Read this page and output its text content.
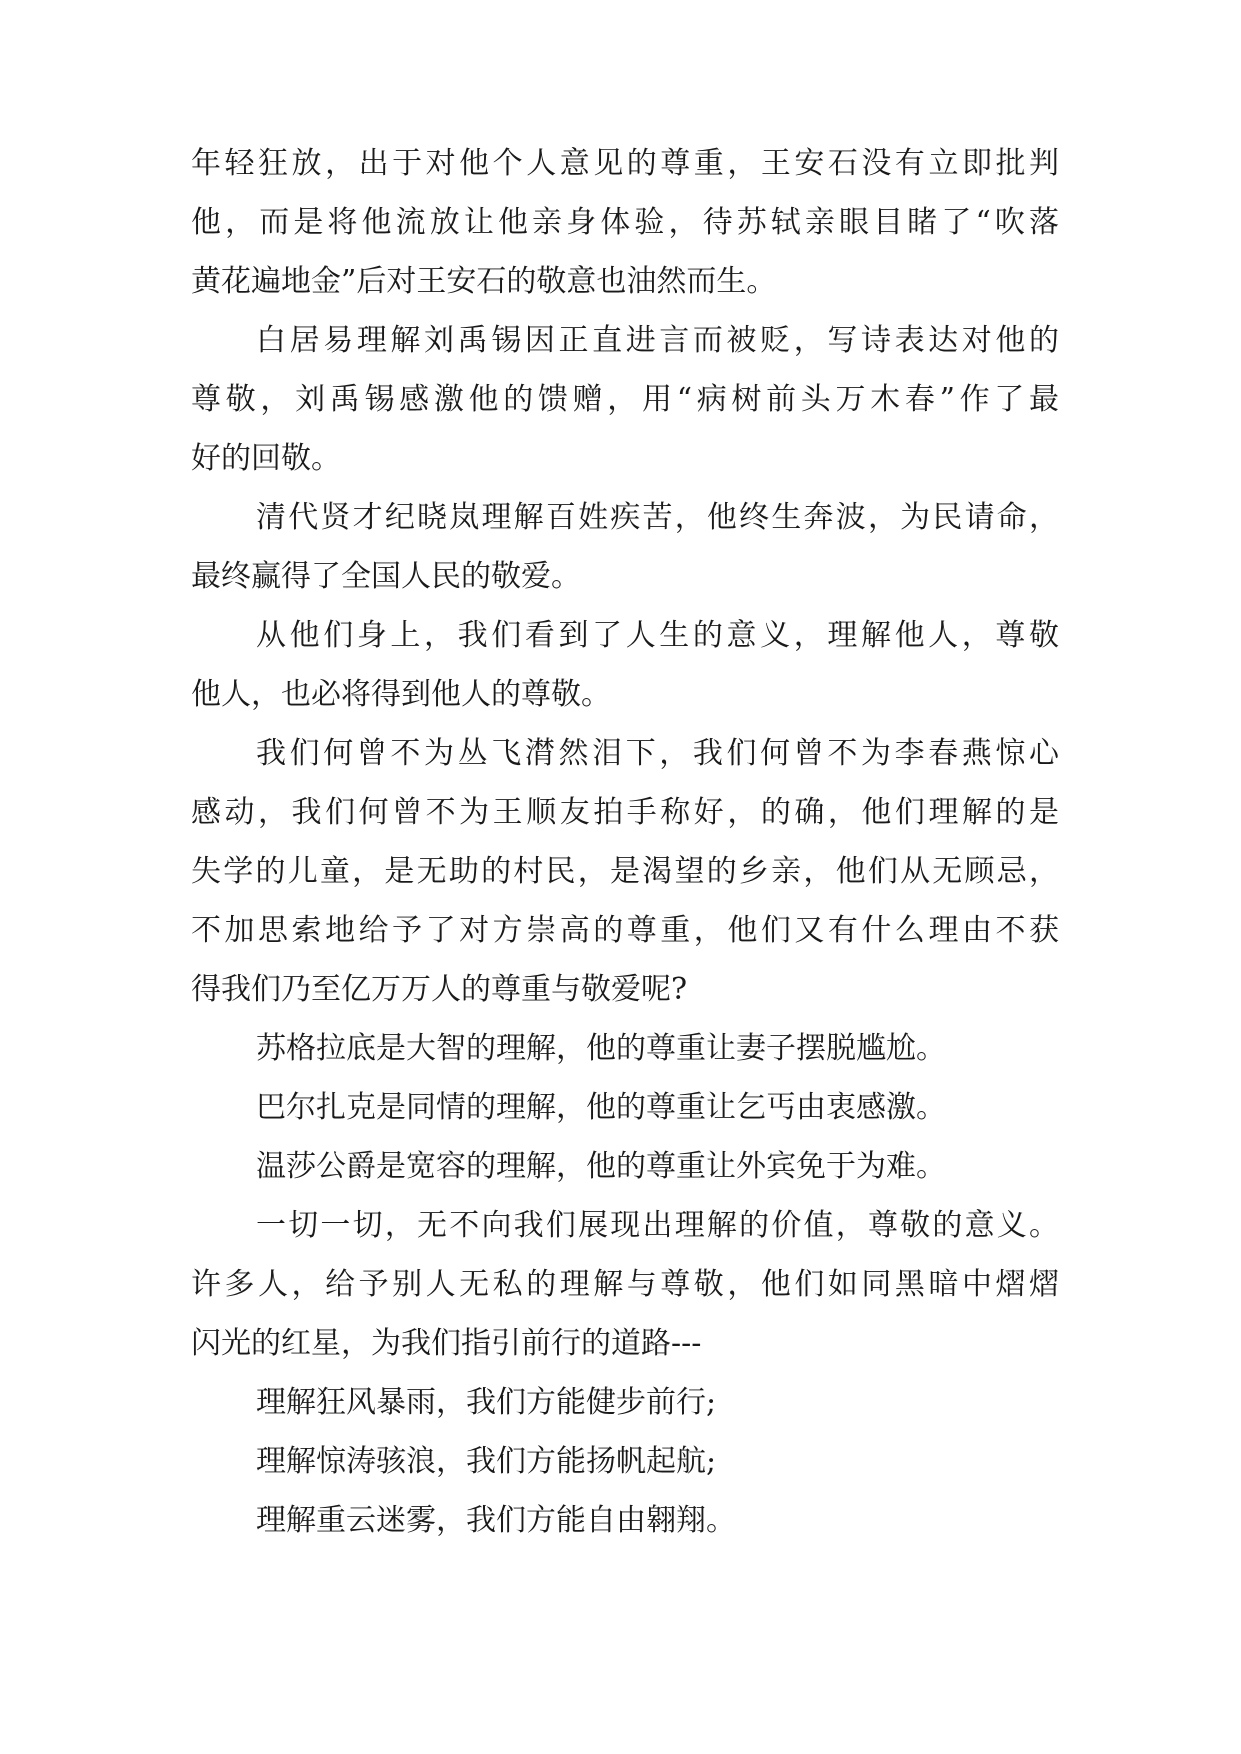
年轻狂放，出于对他个人意见的尊重，王安石没有立即批判

他，而是将他流放让他亲身体验，待苏轼亲眼目睹了“吹落

黄花遍地金”后对王安石的敬意也油然而生。

白居易理解刘禹锡因正直进言而被贬，写诗表达对他的

尊敬，刘禹锡感激他的馈赠，用“病树前头万木春”作了最

好的回敬。

清代贤才纪晓岚理解百姓疾苦，他终生奔波，为民请命，

最终赢得了全国人民的敬爱。

从他们身上，我们看到了人生的意义，理解他人，尊敬

他人，也必将得到他人的尊敬。

我们何曾不为丛飞潸然泪下，我们何曾不为李春燕惊心

感动，我们何曾不为王顺友拍手称好，的确，他们理解的是

失学的儿童，是无助的村民，是渴望的乡亲，他们从无顾忌，

不加思索地给予了对方崇高的尊重，他们又有什么理由不获

得我们乃至亿万万人的尊重与敬爱呢?

苏格拉底是大智的理解，他的尊重让妻子摆脱尴尬。

巴尔扎克是同情的理解，他的尊重让乞丐由衷感激。

温莎公爵是宽容的理解，他的尊重让外宾免于为难。

一切一切，无不向我们展现出理解的价值，尊敬的意义。

许多人，给予别人无私的理解与尊敬，他们如同黑暗中熠熠

闪光的红星，为我们指引前行的道路---

理解狂风暴雨，我们方能健步前行;

理解惊涛骇浪，我们方能扬帆起航;

理解重云迷雾，我们方能自由翱翔。
